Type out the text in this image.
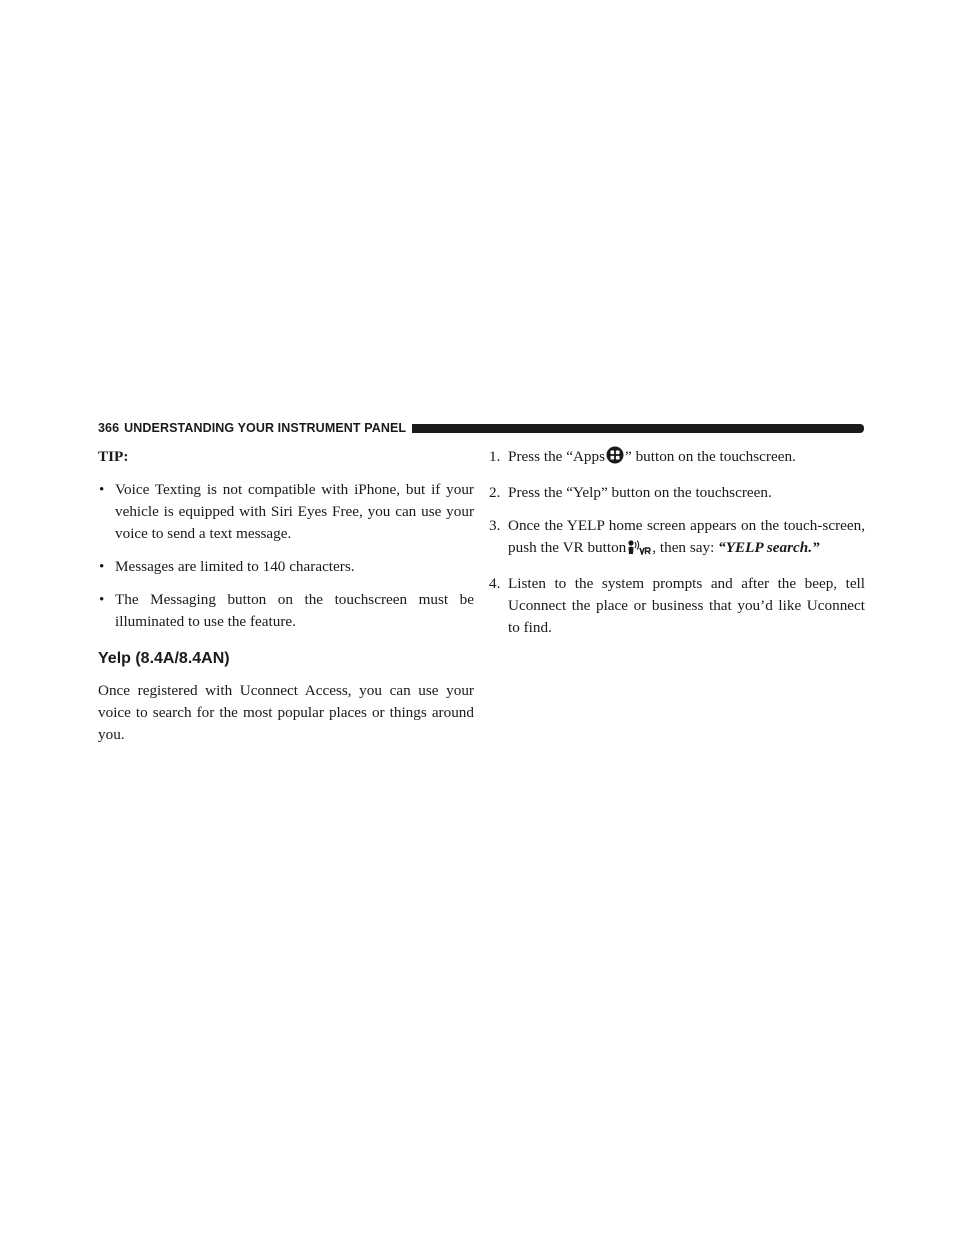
366 UNDERSTANDING YOUR INSTRUMENT PANEL

TIP:

• Voice Texting is not compatible with iPhone, but if your vehicle is equipped with Siri Eyes Free, you can use your voice to send a text message.
• Messages are limited to 140 characters.
• The Messaging button on the touchscreen must be illuminated to use the feature.
Yelp (8.4A/8.4AN)

Once registered with Uconnect Access, you can use your voice to search for the most popular places or things around you.

1. Press the “Apps ” button on the touchscreen.
2. Press the “Yelp” button on the touchscreen.
3. Once the YELP home screen appears on the touch-screen, push the VR button , then say: “YELP search.”
4. Listen to the system prompts and after the beep, tell Uconnect the place or business that you’d like Uconnect to find.
